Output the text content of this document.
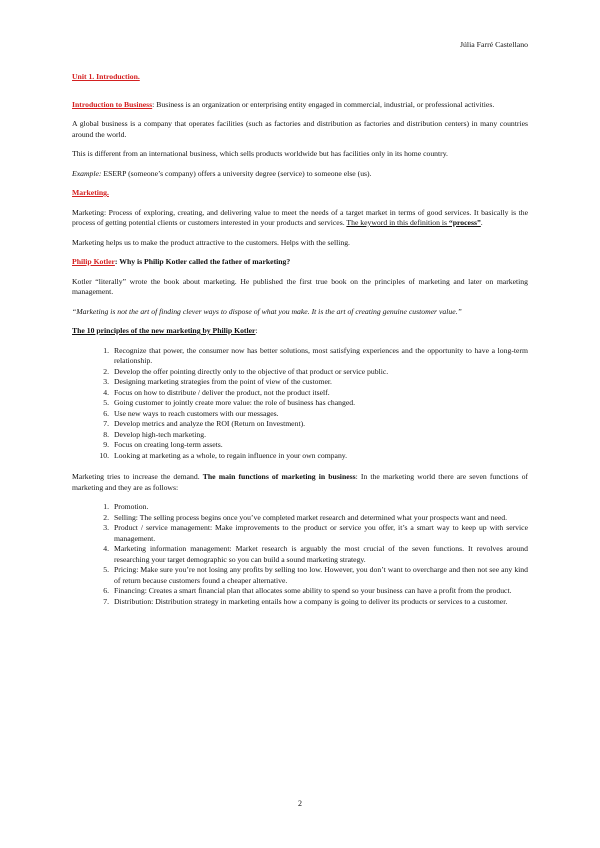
Júlia Farré Castellano

Unit 1. Introduction.

Introduction to Business: Business is an organization or enterprising entity engaged in commercial, industrial, or professional activities.

A global business is a company that operates facilities (such as factories and distribution as factories and distribution centers) in many countries around the world.

This is different from an international business, which sells products worldwide but has facilities only in its home country.

Example: ESERP (someone’s company) offers a university degree (service) to someone else (us).

Marketing.

Marketing: Process of exploring, creating, and delivering value to meet the needs of a target market in terms of good services. It basically is the process of getting potential clients or customers interested in your products and services. The keyword in this definition is “process”.

Marketing helps us to make the product attractive to the customers. Helps with the selling.

Philip Kotler: Why is Philip Kotler called the father of marketing?

Kotler “literally” wrote the book about marketing. He published the first true book on the principles of marketing and later on marketing management.

“Marketing is not the art of finding clever ways to dispose of what you make. It is the art of creating genuine customer value.”

The 10 principles of the new marketing by Philip Kotler:

1. Recognize that power, the consumer now has better solutions, most satisfying experiences and the opportunity to have a long-term relationship.
2. Develop the offer pointing directly only to the objective of that product or service public.
3. Designing marketing strategies from the point of view of the customer.
4. Focus on how to distribute / deliver the product, not the product itself.
5. Going customer to jointly create more value: the role of business has changed.
6. Use new ways to reach customers with our messages.
7. Develop metrics and analyze the ROI (Return on Investment).
8. Develop high-tech marketing.
9. Focus on creating long-term assets.
10. Looking at marketing as a whole, to regain influence in your own company.

Marketing tries to increase the demand. The main functions of marketing in business: In the marketing world there are seven functions of marketing and they are as follows:

1. Promotion.
2. Selling: The selling process begins once you’ve completed market research and determined what your prospects want and need.
3. Product / service management: Make improvements to the product or service you offer, it’s a smart way to keep up with service management.
4. Marketing information management: Market research is arguably the most crucial of the seven functions. It revolves around researching your target demographic so you can build a sound marketing strategy.
5. Pricing: Make sure you’re not losing any profits by selling too low. However, you don’t want to overcharge and then not see any kind of return because customers found a cheaper alternative.
6. Financing: Creates a smart financial plan that allocates some ability to spend so your business can have a profit from the product.
7. Distribution: Distribution strategy in marketing entails how a company is going to deliver its products or services to a customer.
2
